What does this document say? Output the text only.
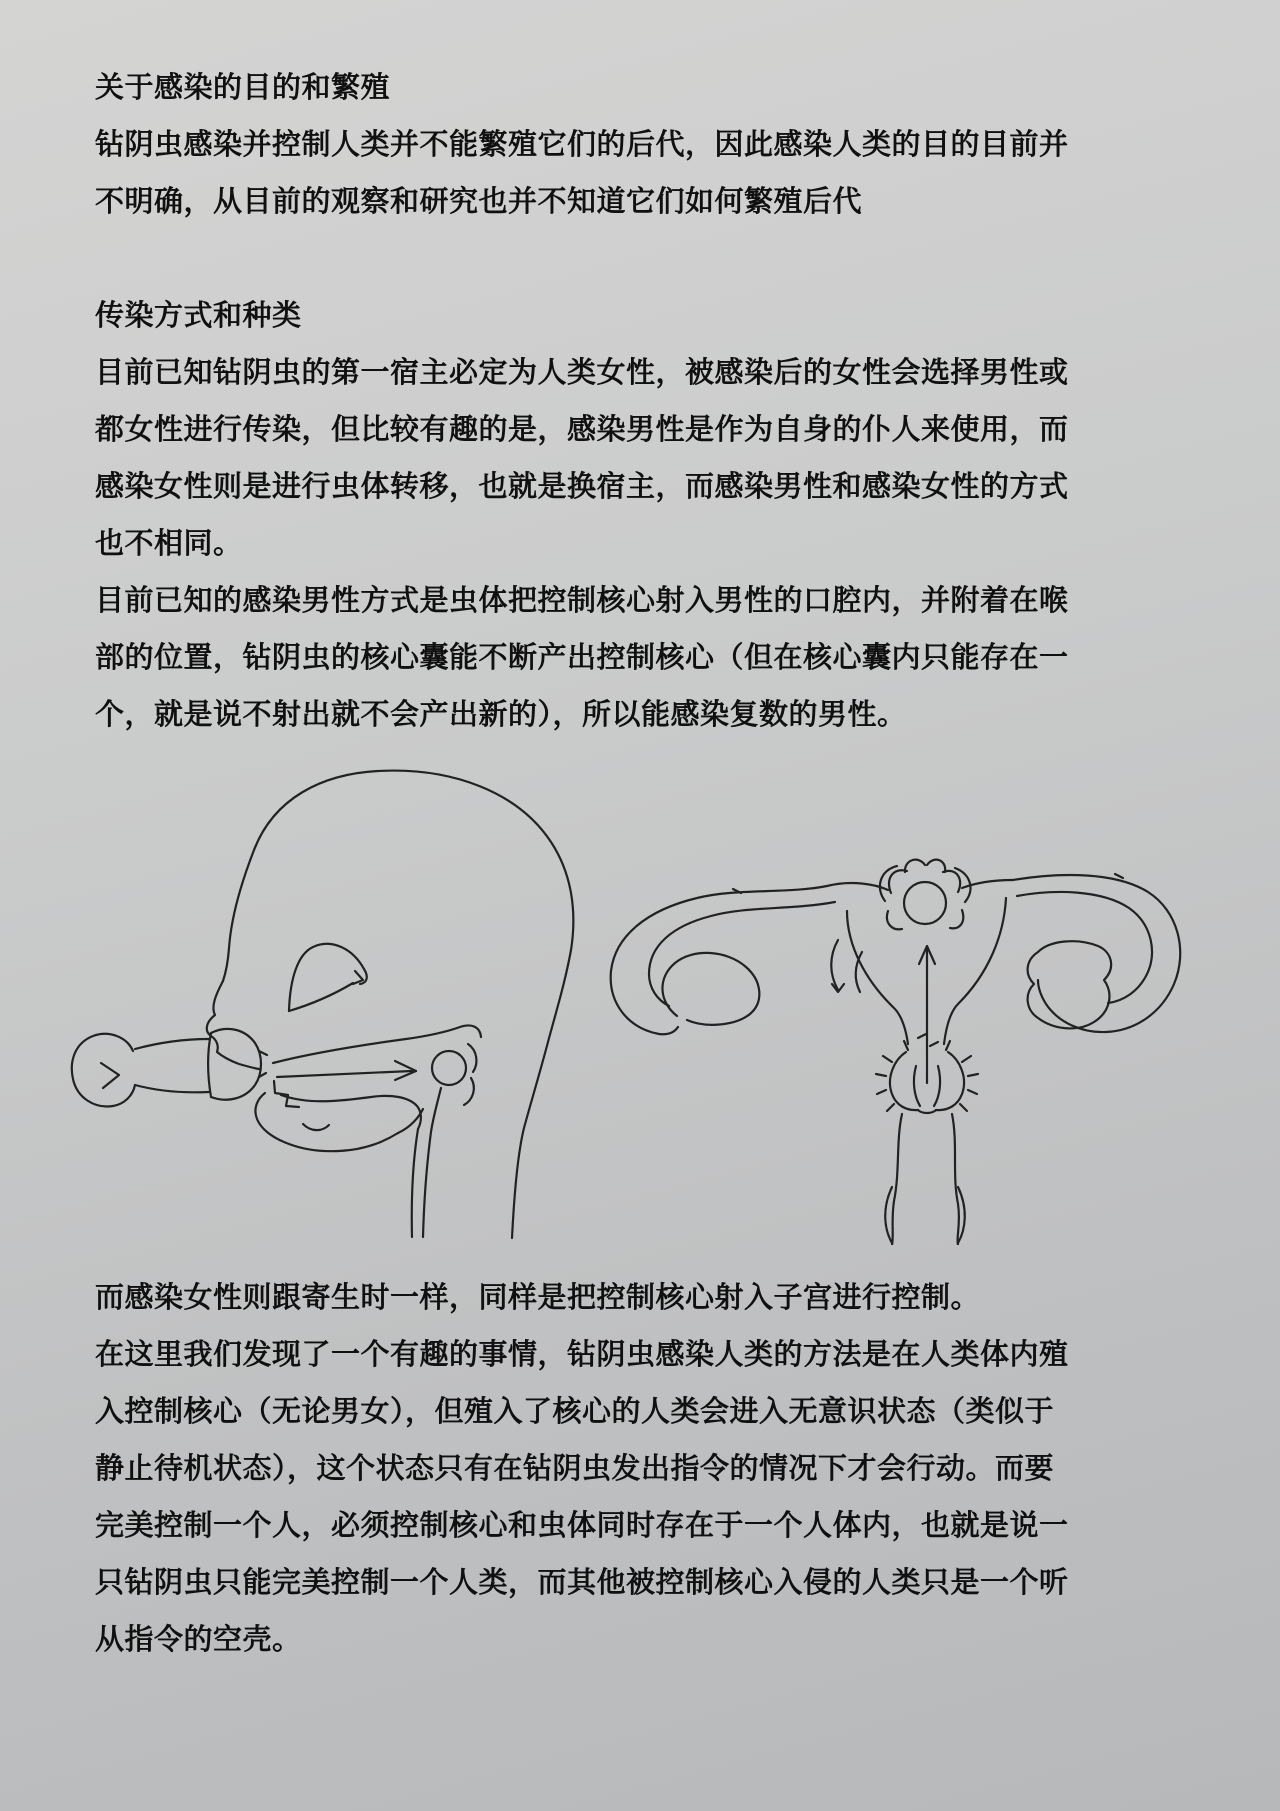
关于感染的目的和繁殖
钻阴虫感染并控制人类并不能繁殖它们的后代，因此感染人类的目的目前并
不明确，从目前的观察和研究也并不知道它们如何繁殖后代
传染方式和种类
目前已知钻阴虫的第一宿主必定为人类女性，被感染后的女性会选择男性或
都女性进行传染，但比较有趣的是，感染男性是作为自身的仆人来使用，而
感染女性则是进行虫体转移，也就是换宿主，而感染男性和感染女性的方式
也不相同。
目前已知的感染男性方式是虫体把控制核心射入男性的口腔内，并附着在喉
部的位置，钻阴虫的核心囊能不断产出控制核心（但在核心囊内只能存在一
个，就是说不射出就不会产出新的），所以能感染复数的男性。
而感染女性则跟寄生时一样，同样是把控制核心射入子宫进行控制。
在这里我们发现了一个有趣的事情，钻阴虫感染人类的方法是在人类体内殖
入控制核心（无论男女），但殖入了核心的人类会进入无意识状态（类似于
静止待机状态），这个状态只有在钻阴虫发出指令的情况下才会行动。而要
完美控制一个人，必须控制核心和虫体同时存在于一个人体内，也就是说一
只钻阴虫只能完美控制一个人类，而其他被控制核心入侵的人类只是一个听
从指令的空壳。
